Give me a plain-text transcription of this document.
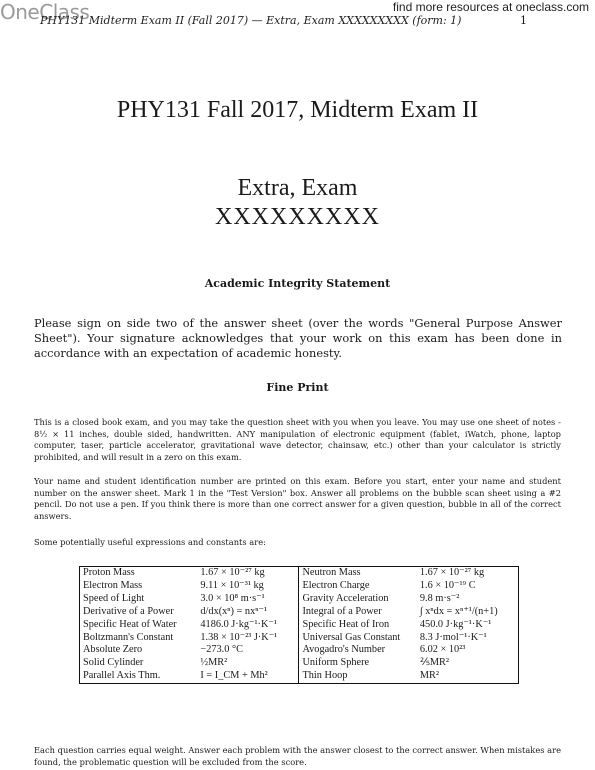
OneClass
PHY131 Midterm Exam II (Fall 2017) — Extra, Exam XXXXXXXXX (form: 1)	1
find more resources at oneclass.com
PHY131 Fall 2017, Midterm Exam II
Extra, Exam
XXXXXXXXX
Academic Integrity Statement
Please sign on side two of the answer sheet (over the words "General Purpose Answer Sheet"). Your signature acknowledges that your work on this exam has been done in accordance with an expectation of academic honesty.
Fine Print
This is a closed book exam, and you may take the question sheet with you when you leave. You may use one sheet of notes - 8½ × 11 inches, double sided, handwritten. ANY manipulation of electronic equipment (fablet, iWatch, phone, laptop computer, taser, particle accelerator, gravitational wave detector, chainsaw, etc.) other than your calculator is strictly prohibited, and will result in a zero on this exam.
Your name and student identification number are printed on this exam. Before you start, enter your name and student number on the answer sheet. Mark 1 in the "Test Version" box. Answer all problems on the bubble scan sheet using a #2 pencil. Do not use a pen. If you think there is more than one correct answer for a given question, bubble in all of the correct answers.
Some potentially useful expressions and constants are:
Proton Mass	1.67 × 10⁻²⁷ kg		Neutron Mass	1.67 × 10⁻²⁷ kg
Electron Mass	9.11 × 10⁻³¹ kg		Electron Charge	1.6 × 10⁻¹⁹ C
Speed of Light	3.0 × 10⁸ m·s⁻¹		Gravity Acceleration	9.8 m·s⁻²
Derivative of a Power	d/dx(xⁿ) = nxⁿ⁻¹		Integral of a Power	∫ xⁿdx = xⁿ⁺¹/(n+1)
Specific Heat of Water	4186.0 J·kg⁻¹·K⁻¹		Specific Heat of Iron	450.0 J·kg⁻¹·K⁻¹
Boltzmann's Constant	1.38 × 10⁻²³ J·K⁻¹		Universal Gas Constant	8.3 J·mol⁻¹·K⁻¹
Absolute Zero	−273.0 °C		Avogadro's Number	6.02 × 10²³
Solid Cylinder	½MR²		Uniform Sphere	⅖MR²
Parallel Axis Thm.	I = I_CM + Mh²		Thin Hoop	MR²
Each question carries equal weight. Answer each problem with the answer closest to the correct answer. When mistakes are found, the problematic question will be excluded from the score.
